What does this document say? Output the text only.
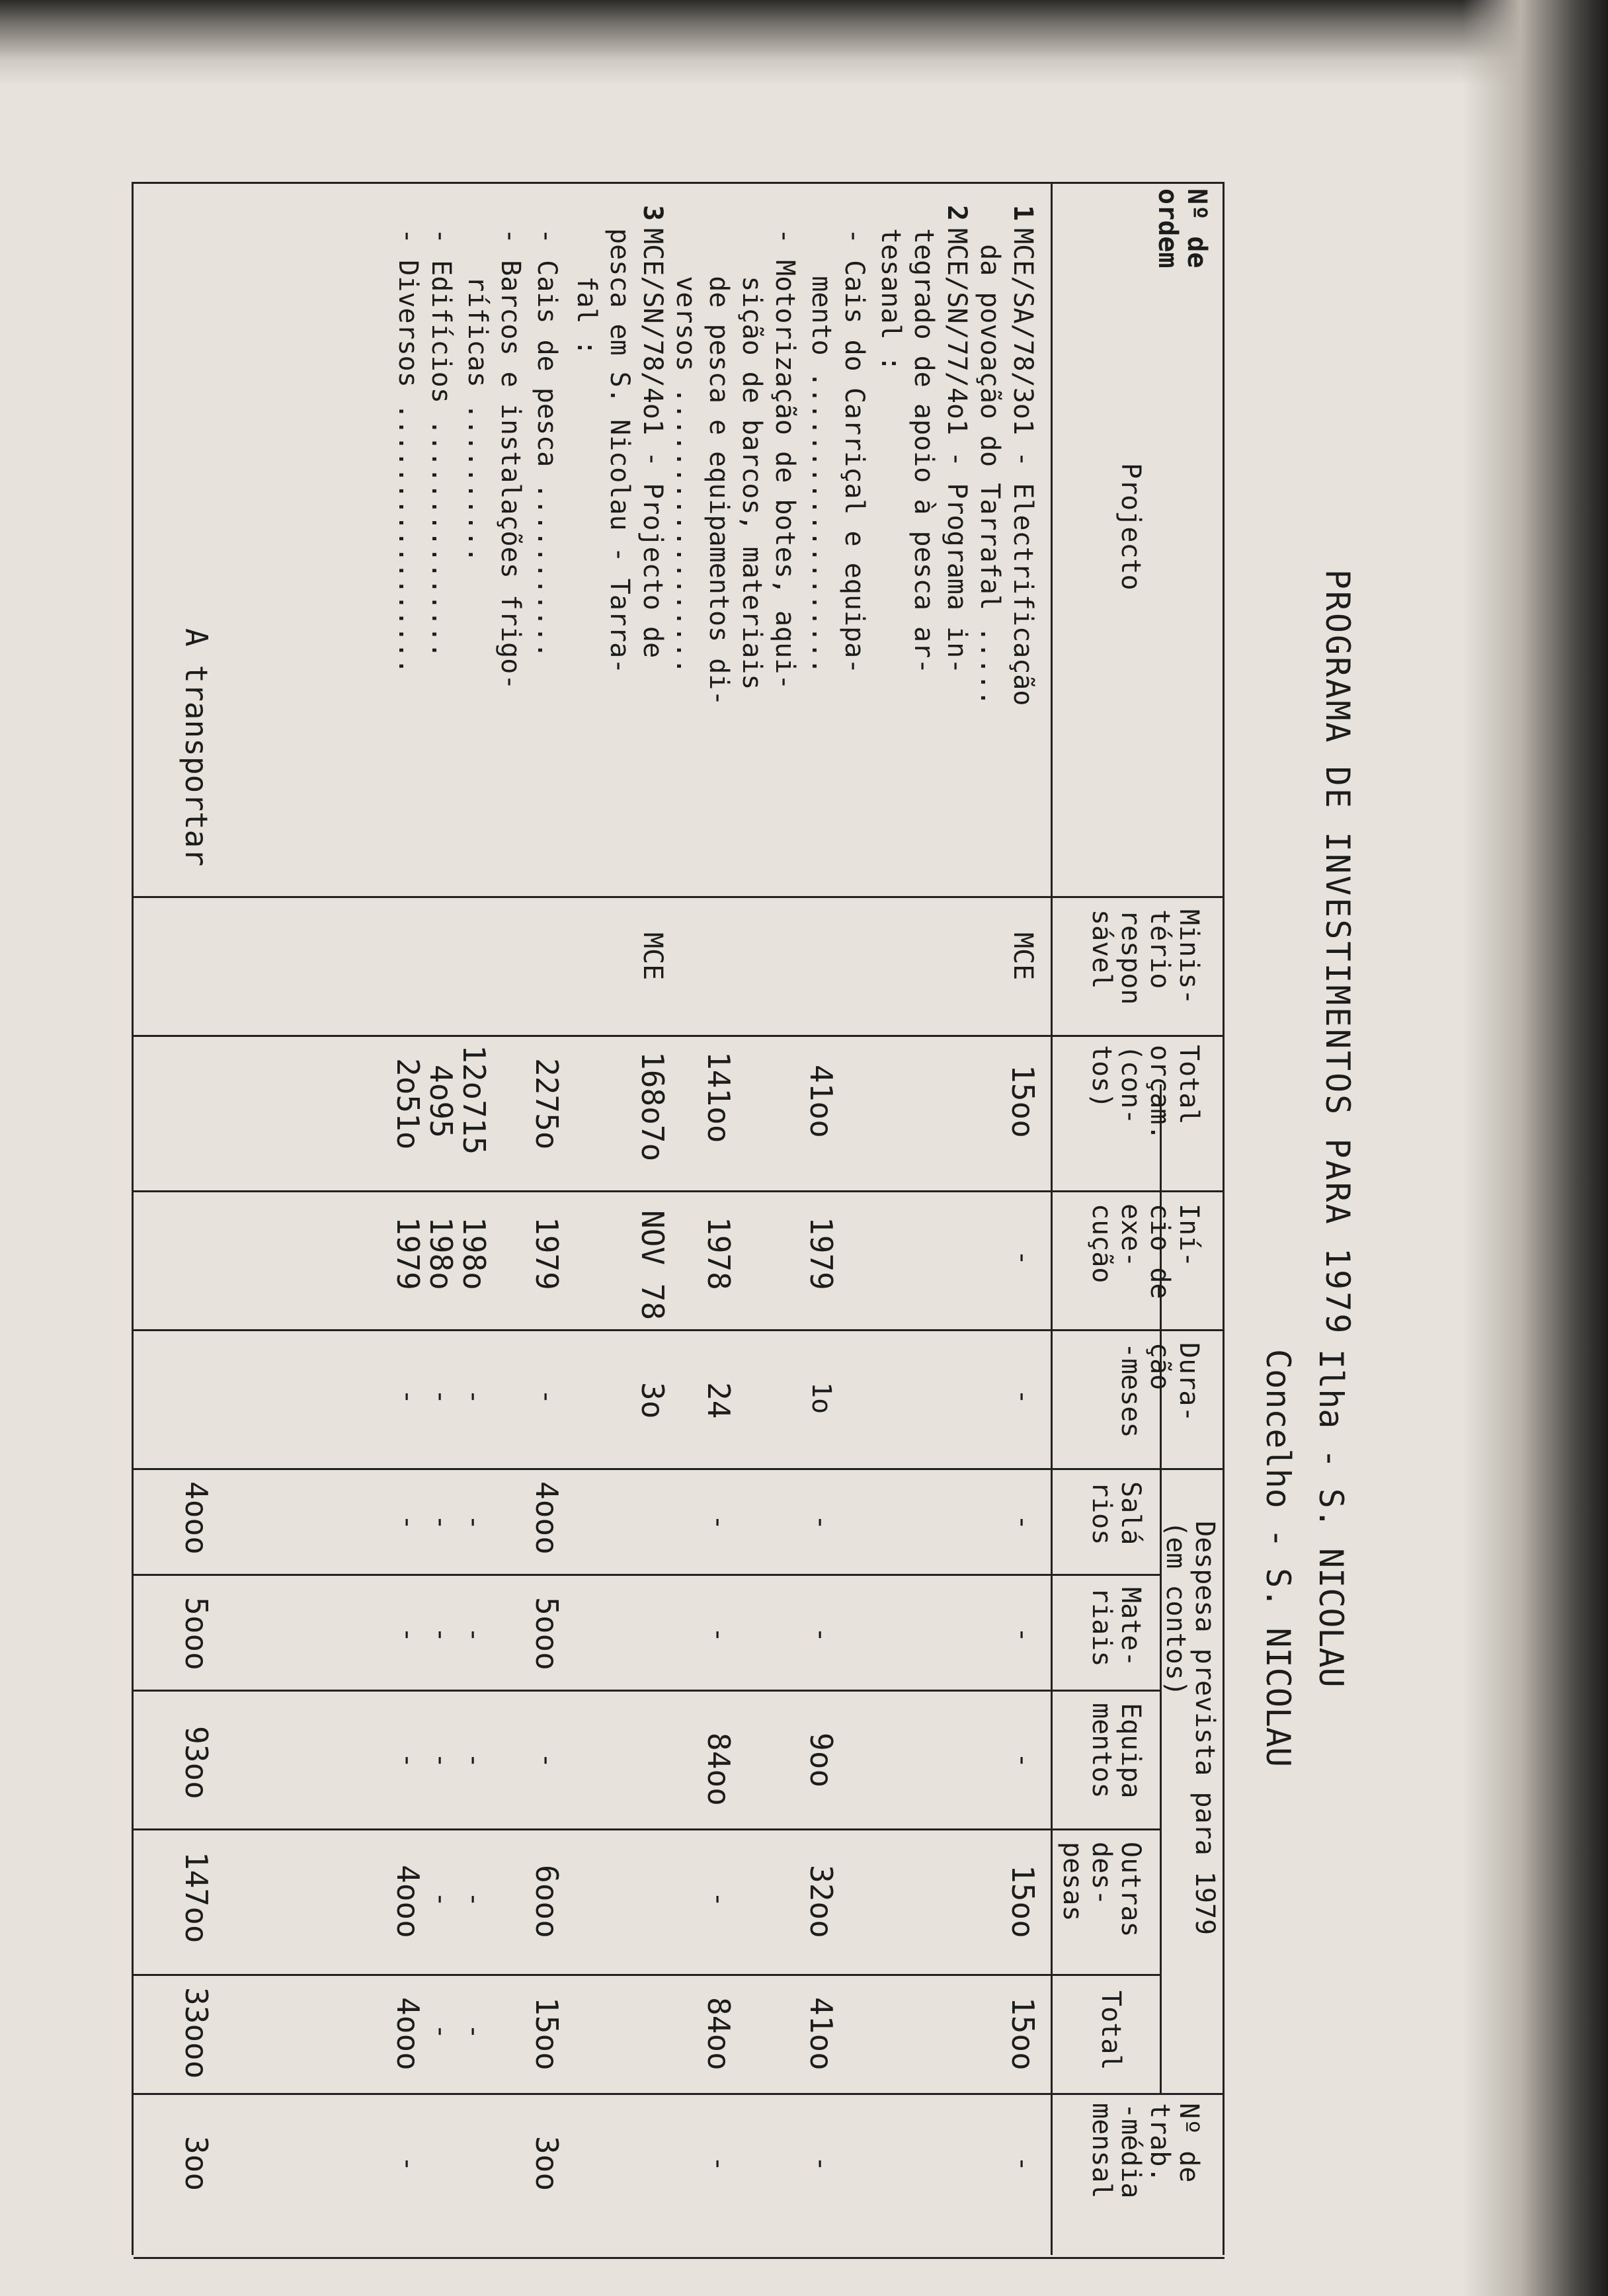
PROGRAMA DE INVESTIMENTOS PARA 1979
Ilha - S. NICOLAU
Concelho - S. NICOLAU
Nº de
ordem
Projecto
Minis-
tério
respon
sável
Total
orçam.
(con-
tos)
Iní-
cio de
exe-
cução
Dura-
ção
-meses
Despesa prevista para 1979
(em contos)
Salá
rios
Mate-
riais
Equipa
mentos
Outras
des-
pesas
Total
Nº de
trab.
-média
mensal
1
MCE/SA/78/3o1 - Electrificação
da povoação do Tarrafal .....
MCE
15oo
-
-
-
-
-
15oo
15oo
-
2
MCE/SN/77/4o1 - Programa in-
tegrado de apoio à pesca ar-
tesanal :
- Cais do Carriçal e equipa-
mento ...................
41oo
1979
1o
-
-
9oo
32oo
41oo
-
- Motorização de botes, aqui-
sição de barcos, materiais
de pesca e equipamentos di-
versos ..................
141oo
1978
24
-
-
84oo
-
84oo
-
3
MCE/SN/78/4o1 - Projecto de
pesca em S. Nicolau - Tarra-
fal :
MCE
168o7o
NOV 78
3o
- Cais de pesca ...........
2275o
1979
-
4ooo
5ooo
-
6ooo
15oo
3oo
- Barcos e instalações frigo-
ríficas ..........
12o715
198o
-
-
-
-
-
-
- Edifícios ...............
4o95
198o
-
-
-
-
-
-
- Diversos .................
2o51o
1979
-
-
-
-
4ooo
4ooo
-
A transportar
4ooo
5ooo
93oo
147oo
33ooo
3oo
